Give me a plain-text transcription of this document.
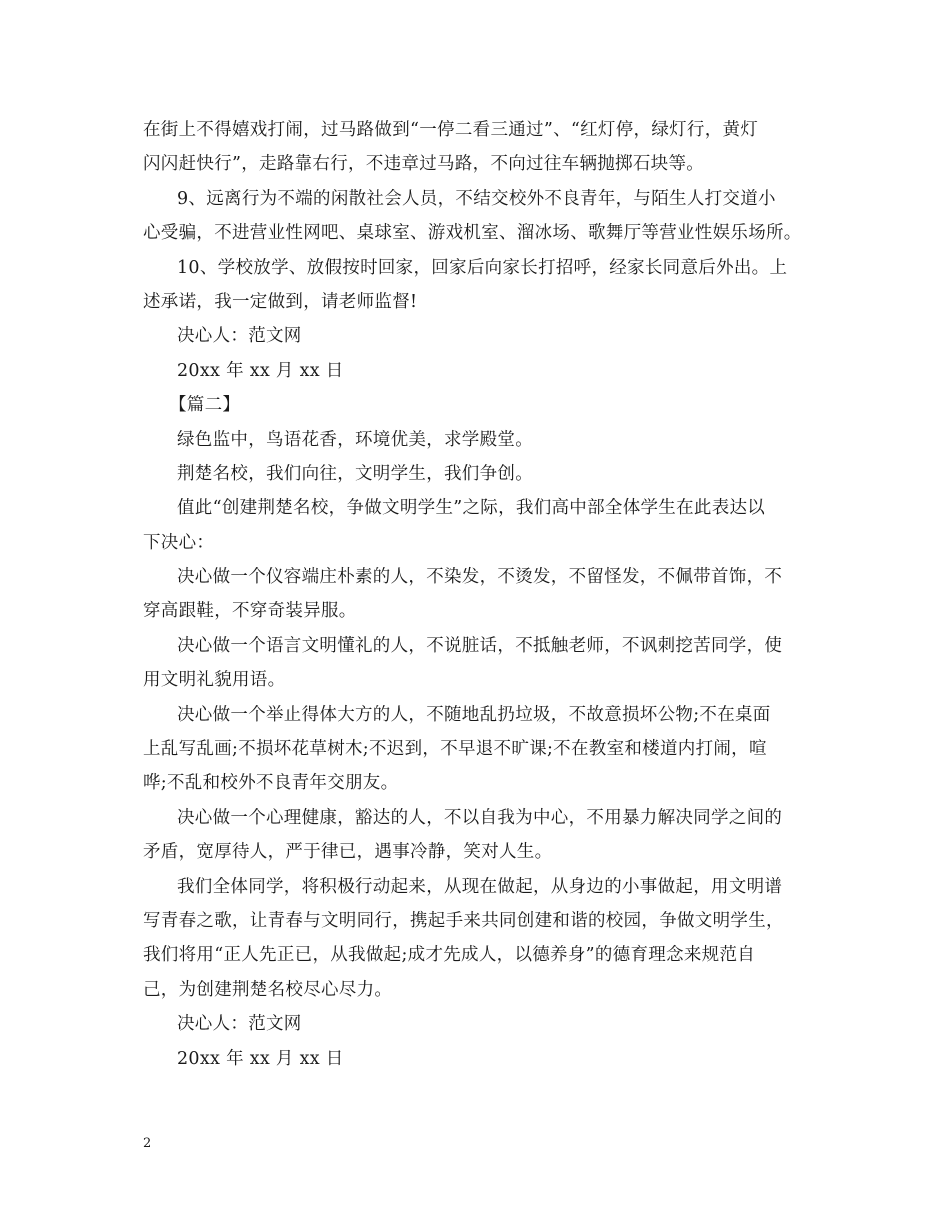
在街上不得嬉戏打闹，过马路做到“一停二看三通过”、“红灯停，绿灯行，黄灯
闪闪赶快行”，走路靠右行，不违章过马路，不向过往车辆抛掷石块等。
9、远离行为不端的闲散社会人员，不结交校外不良青年，与陌生人打交道小
心受骗，不进营业性网吧、桌球室、游戏机室、溜冰场、歌舞厅等营业性娱乐场所。
10、学校放学、放假按时回家，回家后向家长打招呼，经家长同意后外出。上
述承诺，我一定做到，请老师监督!
决心人：范文网
20xx 年 xx 月 xx 日
【篇二】
绿色监中，鸟语花香，环境优美，求学殿堂。
荆楚名校，我们向往，文明学生，我们争创。
值此“创建荆楚名校，争做文明学生”之际，我们高中部全体学生在此表达以
下决心：
决心做一个仪容端庄朴素的人，不染发，不烫发，不留怪发，不佩带首饰，不
穿高跟鞋，不穿奇装异服。
决心做一个语言文明懂礼的人，不说脏话，不抵触老师，不讽刺挖苦同学，使
用文明礼貌用语。
决心做一个举止得体大方的人，不随地乱扔垃圾，不故意损坏公物;不在桌面
上乱写乱画;不损坏花草树木;不迟到，不早退不旷课;不在教室和楼道内打闹，喧
哗;不乱和校外不良青年交朋友。
决心做一个心理健康，豁达的人，不以自我为中心，不用暴力解决同学之间的
矛盾，宽厚待人，严于律已，遇事冷静，笑对人生。
我们全体同学，将积极行动起来，从现在做起，从身边的小事做起，用文明谱
写青春之歌，让青春与文明同行，携起手来共同创建和谐的校园，争做文明学生，
我们将用“正人先正已，从我做起;成才先成人，以德养身”的德育理念来规范自
己，为创建荆楚名校尽心尽力。
决心人：范文网
20xx 年 xx 月 xx 日
2
